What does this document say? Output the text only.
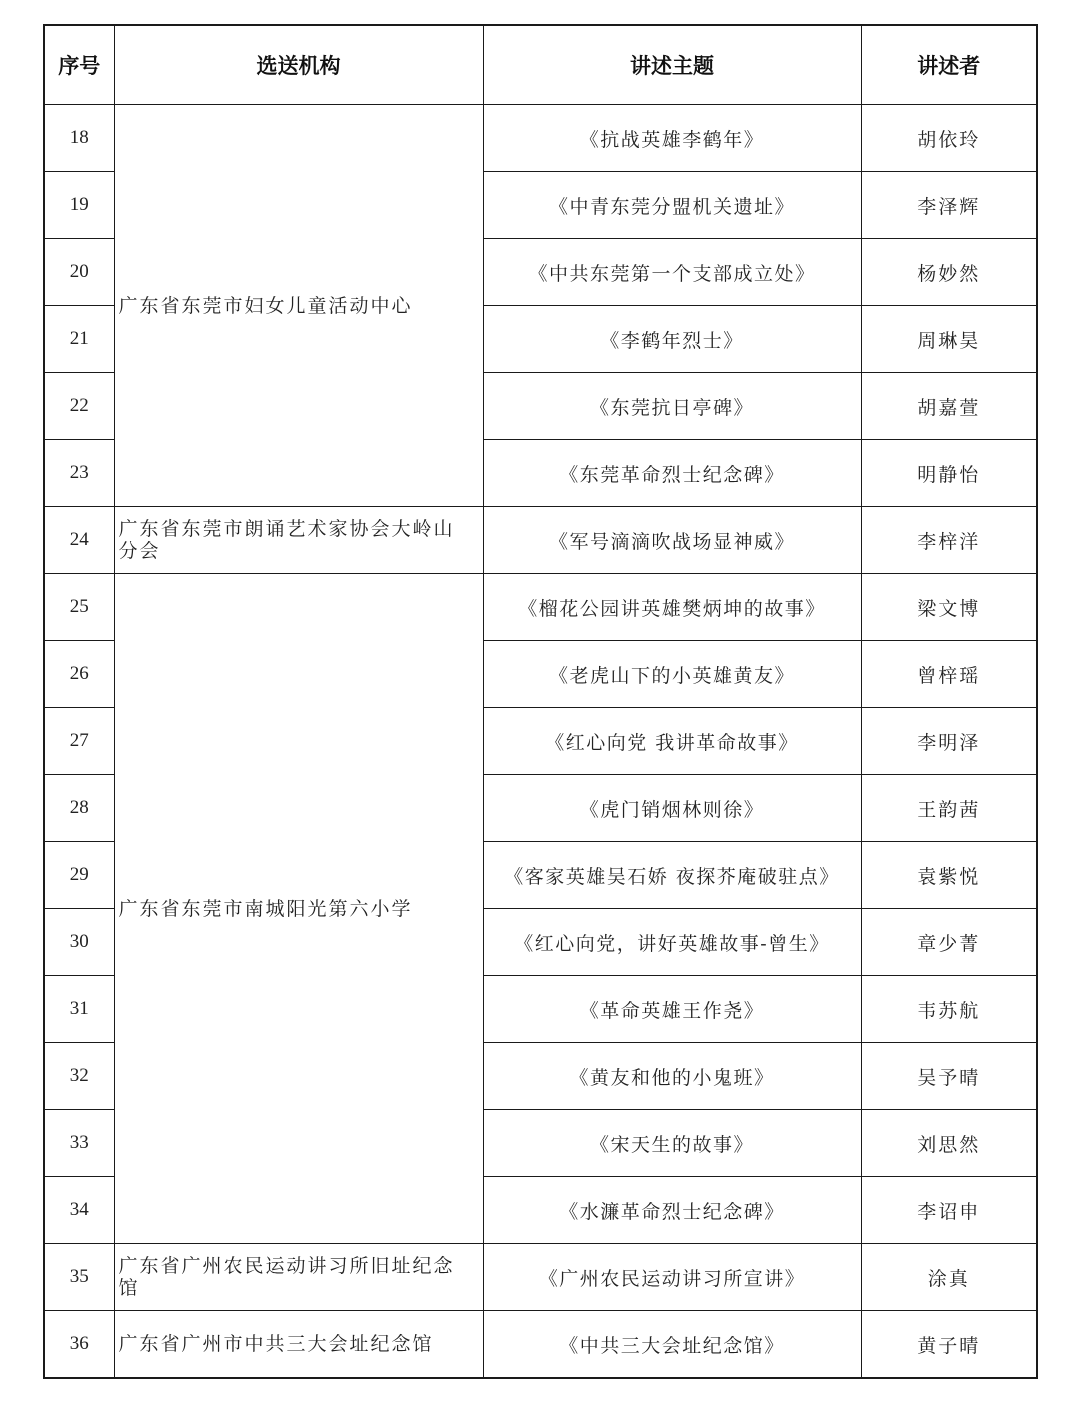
序号	选送机构	讲述主题	讲述者
18	广东省东莞市妇女儿童活动中心	《抗战英雄李鹤年》	胡依玲
19		《中青东莞分盟机关遗址》	李泽辉
20		《中共东莞第一个支部成立处》	杨妙然
21		《李鹤年烈士》	周琳昊
22		《东莞抗日亭碑》	胡嘉萱
23		《东莞革命烈士纪念碑》	明静怡
24	广东省东莞市朗诵艺术家协会大岭山分会	《军号滴滴吹战场显神威》	李梓洋
25	广东省东莞市南城阳光第六小学	《榴花公园讲英雄樊炳坤的故事》	梁文博
26		《老虎山下的小英雄黄友》	曾梓瑶
27		《红心向党 我讲革命故事》	李明泽
28		《虎门销烟林则徐》	王韵茜
29		《客家英雄吴石娇 夜探芥庵破驻点》	袁紫悦
30		《红心向党，讲好英雄故事-曾生》	章少菁
31		《革命英雄王作尧》	韦苏航
32		《黄友和他的小鬼班》	吴予晴
33		《宋天生的故事》	刘思然
34		《水濂革命烈士纪念碑》	李诏申
35	广东省广州农民运动讲习所旧址纪念馆	《广州农民运动讲习所宣讲》	涂真
36	广东省广州市中共三大会址纪念馆	《中共三大会址纪念馆》	黄子晴
